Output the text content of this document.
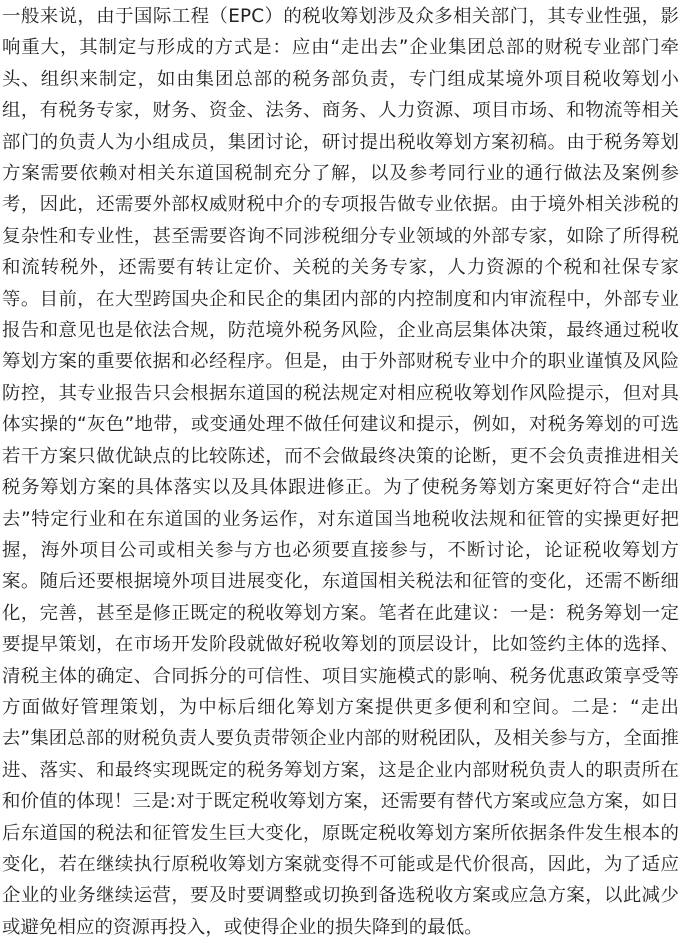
一般来说，由于国际工程（EPC）的税收筹划涉及众多相关部门，其专业性强，影响重大，其制定与形成的方式是：应由“走出去”企业集团总部的财税专业部门牵头、组织来制定，如由集团总部的税务部负责，专门组成某境外项目税收筹划小组，有税务专家，财务、资金、法务、商务、人力资源、项目市场、和物流等相关部门的负责人为小组成员，集团讨论，研讨提出税收筹划方案初稿。由于税务筹划方案需要依赖对相关东道国税制充分了解，以及参考同行业的通行做法及案例参考，因此，还需要外部权威财税中介的专项报告做专业依据。由于境外相关涉税的复杂性和专业性，甚至需要咨询不同涉税细分专业领域的外部专家，如除了所得税和流转税外，还需要有转让定价、关税的关务专家，人力资源的个税和社保专家等。目前，在大型跨国央企和民企的集团内部的内控制度和内审流程中，外部专业报告和意见也是依法合规，防范境外税务风险，企业高层集体决策，最终通过税收筹划方案的重要依据和必经程序。但是，由于外部财税专业中介的职业谨慎及风险防控，其专业报告只会根据东道国的税法规定对相应税收筹划作风险提示，但对具体实操的“灰色”地带，或变通处理不做任何建议和提示，例如，对税务筹划的可选若干方案只做优缺点的比较陈述，而不会做最终决策的论断，更不会负责推进相关税务筹划方案的具体落实以及具体跟进修正。为了使税务筹划方案更好符合“走出去”特定行业和在东道国的业务运作，对东道国当地税收法规和征管的实操更好把握，海外项目公司或相关参与方也必须要直接参与，不断讨论，论证税收筹划方案。随后还要根据境外项目进展变化，东道国相关税法和征管的变化，还需不断细化，完善，甚至是修正既定的税收筹划方案。笔者在此建议：一是：税务筹划一定要提早策划，在市场开发阶段就做好税收筹划的顶层设计，比如签约主体的选择、清税主体的确定、合同拆分的可信性、项目实施模式的影响、税务优惠政策享受等方面做好管理策划，为中标后细化筹划方案提供更多便利和空间。二是：“走出去”集团总部的财税负责人要负责带领企业内部的财税团队，及相关参与方，全面推进、落实、和最终实现既定的税务筹划方案，这是企业内部财税负责人的职责所在和价值的体现！三是:对于既定税收筹划方案，还需要有替代方案或应急方案，如日后东道国的税法和征管发生巨大变化，原既定税收筹划方案所依据条件发生根本的变化，若在继续执行原税收筹划方案就变得不可能或是代价很高，因此，为了适应企业的业务继续运营，要及时要调整或切换到备选税收方案或应急方案，以此减少或避免相应的资源再投入，或使得企业的损失降到的最低。
